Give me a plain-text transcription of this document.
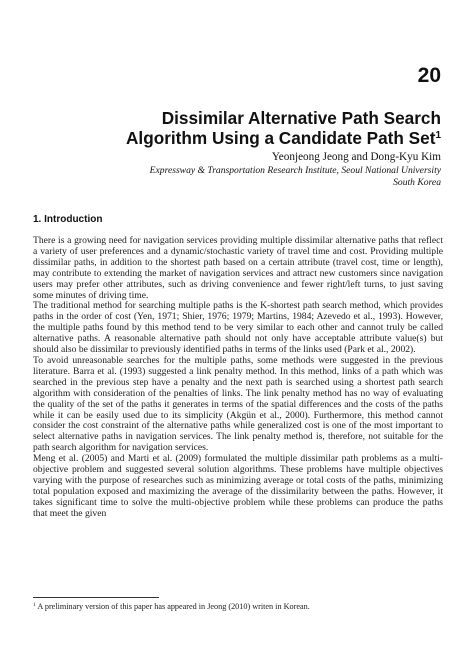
20
Dissimilar Alternative Path Search
Algorithm Using a Candidate Path Set$^1$
Yeonjeong Jeong and Dong-Kyu Kim
Expressway & Transportation Research Institute, Seoul National University
South Korea
1. Introduction

There is a growing need for navigation services providing multiple dissimilar alternative paths that reflect a variety of user preferences and a dynamic/stochastic variety of travel time and cost. Providing multiple dissimilar paths, in addition to the shortest path based on a certain attribute (travel cost, time or length), may contribute to extending the market of navigation services and attract new customers since navigation users may prefer other attributes, such as driving convenience and fewer right/left turns, to just saving some minutes of driving time.

The traditional method for searching multiple paths is the K-shortest path search method, which provides paths in the order of cost (Yen, 1971; Shier, 1976; 1979; Martins, 1984; Azevedo et al., 1993). However, the multiple paths found by this method tend to be very similar to each other and cannot truly be called alternative paths. A reasonable alternative path should not only have acceptable attribute value(s) but should also be dissimilar to previously identified paths in terms of the links used (Park et al., 2002).

To avoid unreasonable searches for the multiple paths, some methods were suggested in the previous literature. Barra et al. (1993) suggested a link penalty method. In this method, links of a path which was searched in the previous step have a penalty and the next path is searched using a shortest path search algorithm with consideration of the penalties of links. The link penalty method has no way of evaluating the quality of the set of the paths it generates in terms of the spatial differences and the costs of the paths while it can be easily used due to its simplicity (Akgün et al., 2000). Furthermore, this method cannot consider the cost constraint of the alternative paths while generalized cost is one of the most important to select alternative paths in navigation services. The link penalty method is, therefore, not suitable for the path search algorithm for navigation services.

Meng et al. (2005) and Marti et al. (2009) formulated the multiple dissimilar path problems as a multi-objective problem and suggested several solution algorithms. These problems have multiple objectives varying with the purpose of researches such as minimizing average or total costs of the paths, minimizing total population exposed and maximizing the average of the dissimilarity between the paths. However, it takes significant time to solve the multi-objective problem while these problems can produce the paths that meet the given

$^1$ A preliminary version of this paper has appeared in Jeong (2010) writen in Korean.
